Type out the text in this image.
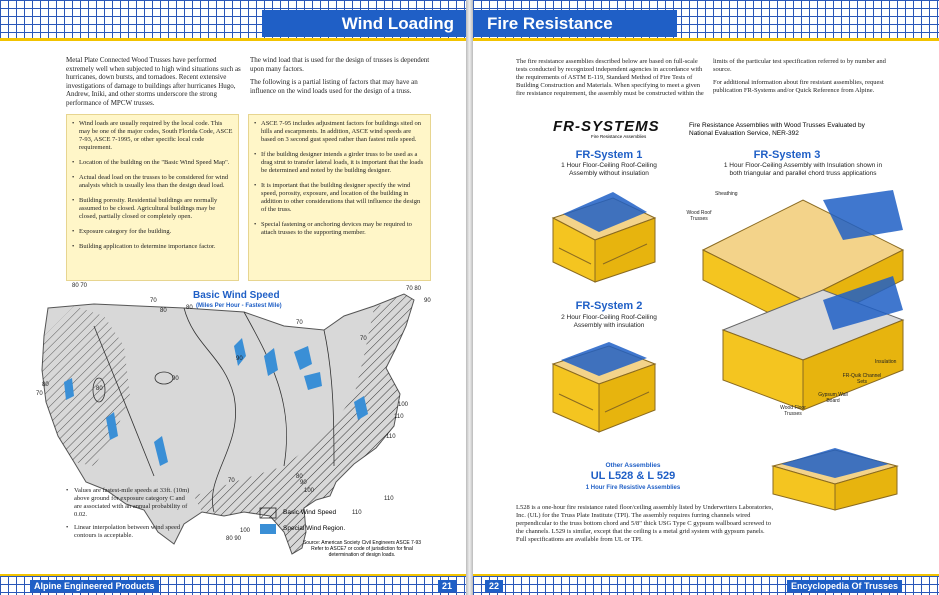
Wind Loading

Metal Plate Connected Wood Trusses have performed extremely well when subjected to high wind situations such as hurricanes, down bursts, and tornadoes. Recent extensive investigations of damage to buildings after hurricanes Hugo, Andrew, Iniki, and other storms underscore the strong performance of MPCW trusses.

The wind load that is used for the design of trusses is dependent upon many factors.

The following is a partial listing of factors that may have an influence on the wind loads used for the design of a truss.

• Wind loads are usually required by the local code. This may be one of the major codes, South Florida Code, ASCE 7-93, ASCE 7-1995, or other specific local code requirement.
• Location of the building on the "Basic Wind Speed Map".
• Actual dead load on the trusses to be considered for wind analysis which is usually less than the design dead load.
• Building porosity. Residential buildings are normally assumed to be closed. Agricultural buildings may be closed, partially closed or completely open.
• Exposure category for the building.
• Building application to determine importance factor.
• ASCE 7-95 includes adjustment factors for buildings sited on hills and escarpments. In addition, ASCE wind speeds are based on 3 second gust speed rather than fastest mile speed.
• If the building designer intends a girder truss to be used as a drag strut to transfer lateral loads, it is important that the loads be determined and noted by the building designer.
• It is important that the building designer specify the wind speed, porosity, exposure, and location of the building in addition to other considerations that will influence the design of the truss.
• Special fastening or anchoring devices may be required to attach trusses to the supporting member.
Basic Wind Speed
(Miles Per Hour - Fastest Mile)
80 70
70
80	80
70
90
90
80
70
70 80
90
100
110
110
70
80
90
100
110
110
100
80 90
80
70
Basic Wind Speed
Special Wind Region.
Source: American Society Civil Engineers ASCE 7-93 Refer to ASCE7 or code of jurisdiction for final determination of design loads.

• Values are fastest-mile speeds at 33ft. (10m) above ground for exposure category C and are associated with an annual probability of 0.02.

• Linear interpolation between wind speed contours is acceptable.

Alpine Engineered Products	21
Fire Resistance
The fire resistance assemblies described below are based on full-scale tests conducted by recognized independent agencies in accordance with the requirements of ASTM E-119, Standard Method of Fire Tests of Building Construction and Materials. When specifying to meet a given fire resistance requirement, the assembly must be constructed within the

limits of the particular test specification referred to by number and source.

For additional information about fire resistant assemblies, request publication FR-Systems and/or Quick Reference from Alpine.

FR-SYSTEMS
Fire Resistance Assemblies
Fire Resistance Assemblies with Wood Trusses Evaluated by National Evaluation Service, NER-392
FR-System 1
1 Hour Floor-Ceiling Roof-Ceiling Assembly without insulation
FR-System 3
1 Hour Floor-Ceiling Assembly with Insulation shown in both triangular and parallel chord truss applications
FR-System 2
2 Hour Floor-Ceiling Roof-Ceiling Assembly with insulation
Sheathing
Wood Roof Trusses
Insulation
FR-Quik Channel Sets
Gypsum Wall Board
Wood Floor Trusses
Other Assemblies
UL L528 & L 529
1 Hour Fire Resistive Assemblies
L528 is a one-hour fire resistance rated floor/ceiling assembly listed by Underwriters Laboratories, Inc. (UL) for the Truss Plate Institute (TPI). The assembly requires furring channels wired perpendicular to the truss bottom chord and 5/8" thick USG Type C gypsum wallboard screwed to the channels. L529 is similar, except that the ceiling is a metal grid system with gypsum panels. Full specifications are available from UL or TPI.
22	Encyclopedia Of Trusses
